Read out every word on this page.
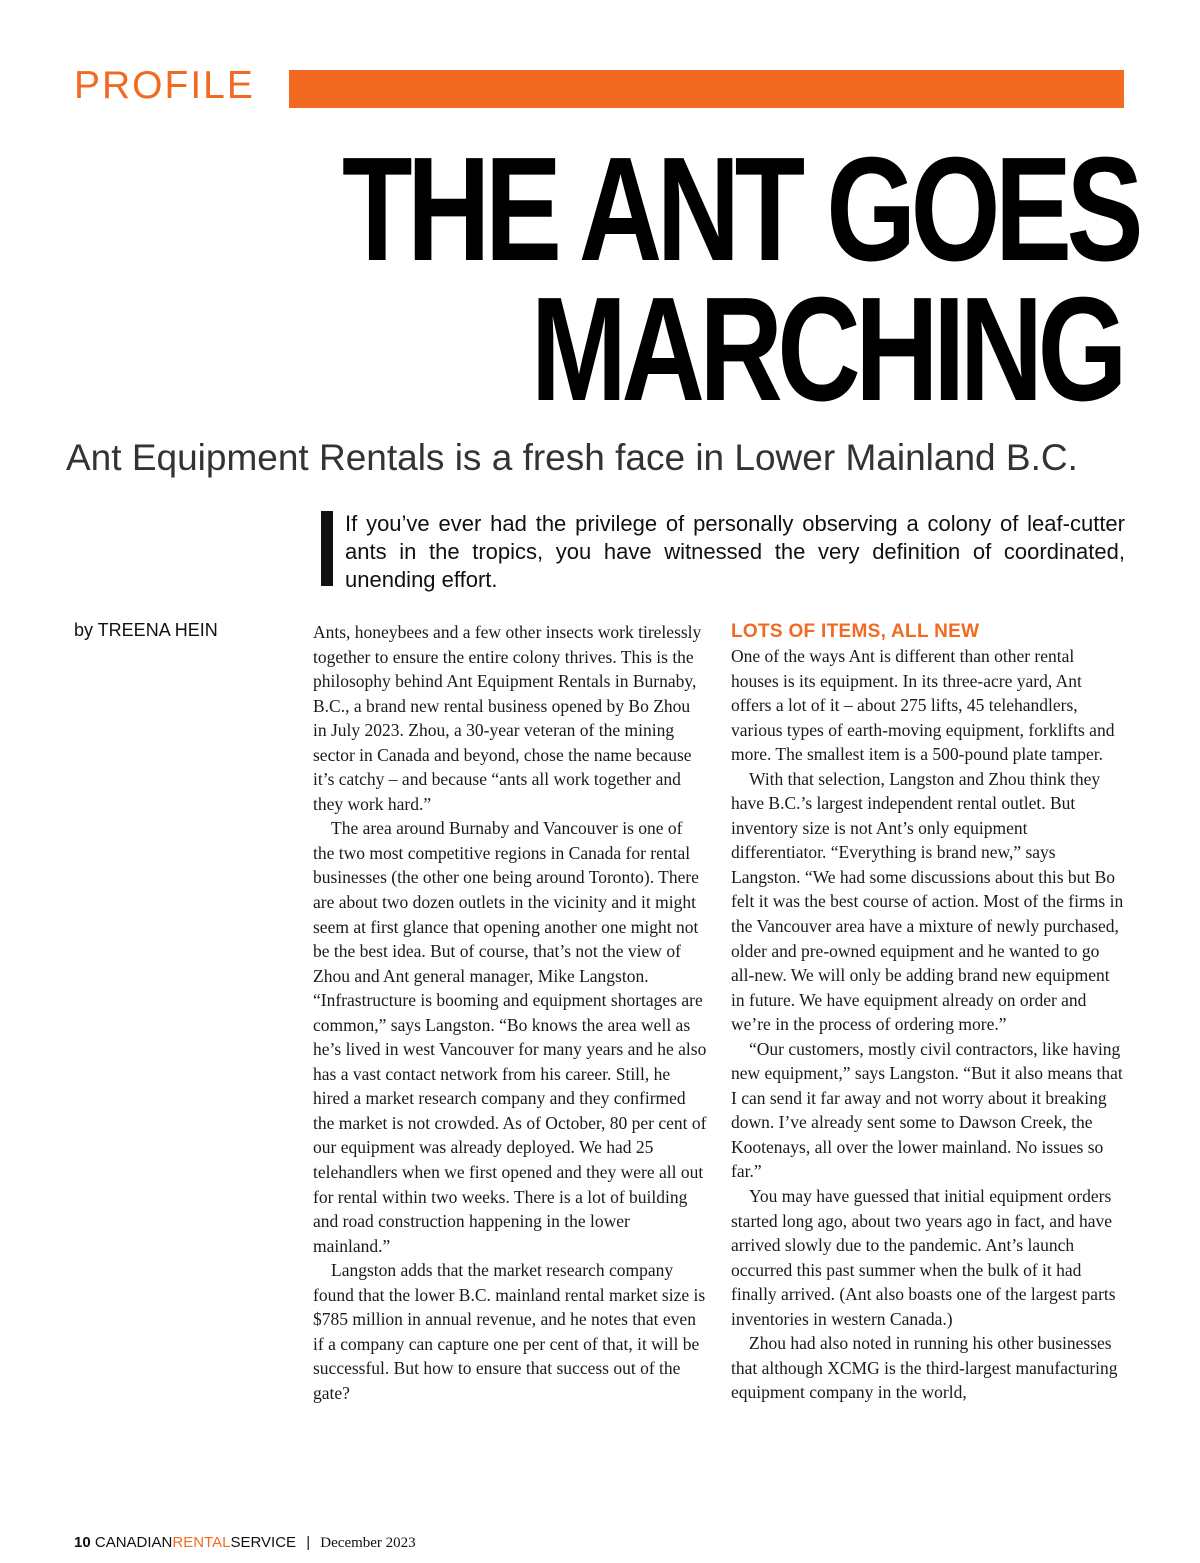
PROFILE
THE ANT GOES
MARCHING
Ant Equipment Rentals is a fresh face in Lower Mainland B.C.

If you’ve ever had the privilege of personally observing a colony of leaf-cutter ants in the tropics, you have witnessed the very definition of coordinated, unending effort.

by TREENA HEIN	Ants, honeybees and a few other insects work tirelessly together to ensure the entire colony thrives. This is the philosophy behind Ant Equipment Rentals in Burnaby, B.C., a brand new rental business opened by Bo Zhou in July 2023. Zhou, a 30-year veteran of the mining sector in Canada and beyond, chose the name because it’s catchy – and because “ants all work together and they work hard.”

The area around Burnaby and Vancouver is one of the two most competitive regions in Canada for rental businesses (the other one being around Toronto). There are about two dozen outlets in the vicinity and it might seem at first glance that opening another one might not be the best idea. But of course, that’s not the view of Zhou and Ant general manager, Mike Langston. “Infrastructure is booming and equipment shortages are common,” says Langston. “Bo knows the area well as he’s lived in west Vancouver for many years and he also has a vast contact network from his career. Still, he hired a market research company and they confirmed the market is not crowded. As of October, 80 per cent of our equipment was already deployed. We had 25 telehandlers when we first opened and they were all out for rental within two weeks. There is a lot of building and road construction happening in the lower mainland.”

Langston adds that the market research company found that the lower B.C. mainland rental market size is $785 million in annual revenue, and he notes that even if a company can capture one per cent of that, it will be successful. But how to ensure that success out of the gate?

LOTS OF ITEMS, ALL NEW

One of the ways Ant is different than other rental houses is its equipment. In its three-acre yard, Ant offers a lot of it – about 275 lifts, 45 telehandlers, various types of earth-moving equipment, forklifts and more. The smallest item is a 500-pound plate tamper.

With that selection, Langston and Zhou think they have B.C.’s largest independent rental outlet. But inventory size is not Ant’s only equipment differentiator. “Everything is brand new,” says Langston. “We had some discussions about this but Bo felt it was the best course of action. Most of the firms in the Vancouver area have a mixture of newly purchased, older and pre-owned equipment and he wanted to go all-new. We will only be adding brand new equipment in future. We have equipment already on order and we’re in the process of ordering more.”

“Our customers, mostly civil contractors, like having new equipment,” says Langston. “But it also means that I can send it far away and not worry about it breaking down. I’ve already sent some to Dawson Creek, the Kootenays, all over the lower mainland. No issues so far.”

You may have guessed that initial equipment orders started long ago, about two years ago in fact, and have arrived slowly due to the pandemic. Ant’s launch occurred this past summer when the bulk of it had finally arrived. (Ant also boasts one of the largest parts inventories in western Canada.)

Zhou had also noted in running his other businesses that although XCMG is the third-largest manufacturing equipment company in the world,

10 CANADIANRENTALSERVICE | December 2023
